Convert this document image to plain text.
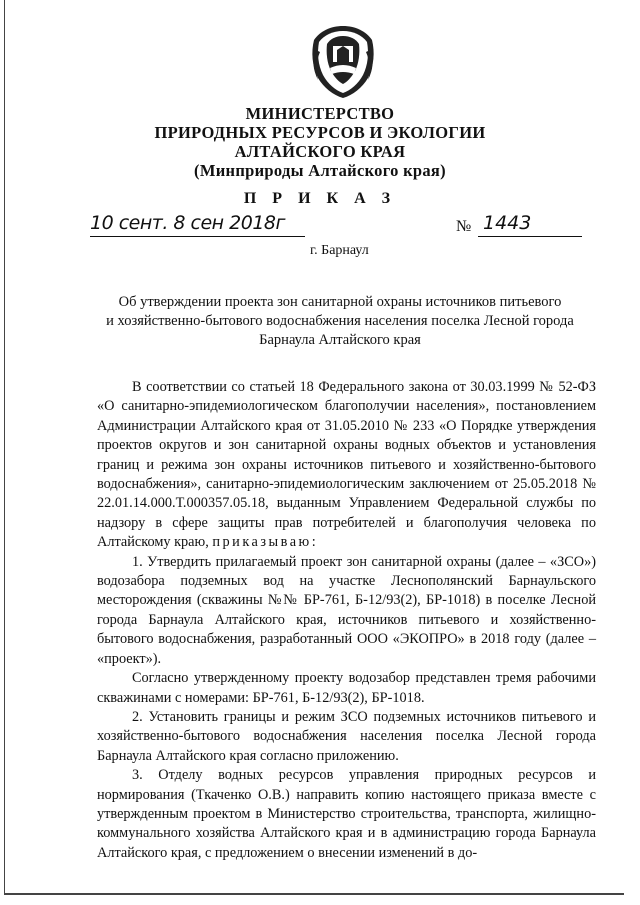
МИНИСТЕРСТВО
ПРИРОДНЫХ РЕСУРСОВ И ЭКОЛОГИИ
АЛТАЙСКОГО КРАЯ
(Минприроды Алтайского края)
П Р И К А З
10 сент. 8 сен 2018г	№ 1443
г. Барнаул
Об утверждении проекта зон санитарной охраны источников питьевого
и хозяйственно-бытового водоснабжения населения поселка Лесной города
Барнаула Алтайского края

В соответствии со статьей 18 Федерального закона от 30.03.1999 № 52-ФЗ «О санитарно-эпидемиологическом благополучии населения», постановлением Администрации Алтайского края от 31.05.2010 № 233 «О Порядке утверждения проектов округов и зон санитарной охраны водных объектов и установления границ и режима зон охраны источников питьевого и хозяйственно-бытового водоснабжения», санитарно-эпидемиологическим заключением от 25.05.2018 № 22.01.14.000.Т.000357.05.18, выданным Управлением Федеральной службы по надзору в сфере защиты прав потребителей и благополучия человека по Алтайскому краю, приказываю:

1. Утвердить прилагаемый проект зон санитарной охраны (далее – «ЗСО») водозабора подземных вод на участке Леснополянский Барнаульского месторождения (скважины №№ БР-761, Б-12/93(2), БР-1018) в поселке Лесной города Барнаула Алтайского края, источников питьевого и хозяйственно-бытового водоснабжения, разработанный ООО «ЭКОПРО» в 2018 году (далее – «проект»).

Согласно утвержденному проекту водозабор представлен тремя рабочими скважинами с номерами: БР-761, Б-12/93(2), БР-1018.

2. Установить границы и режим ЗСО подземных источников питьевого и хозяйственно-бытового водоснабжения населения поселка Лесной города Барнаула Алтайского края согласно приложению.

3. Отделу водных ресурсов управления природных ресурсов и нормирования (Ткаченко О.В.) направить копию настоящего приказа вместе с утвержденным проектом в Министерство строительства, транспорта, жилищно-коммунального хозяйства Алтайского края и в администрацию города Барнаула Алтайского края, с предложением о внесении изменений в до-
